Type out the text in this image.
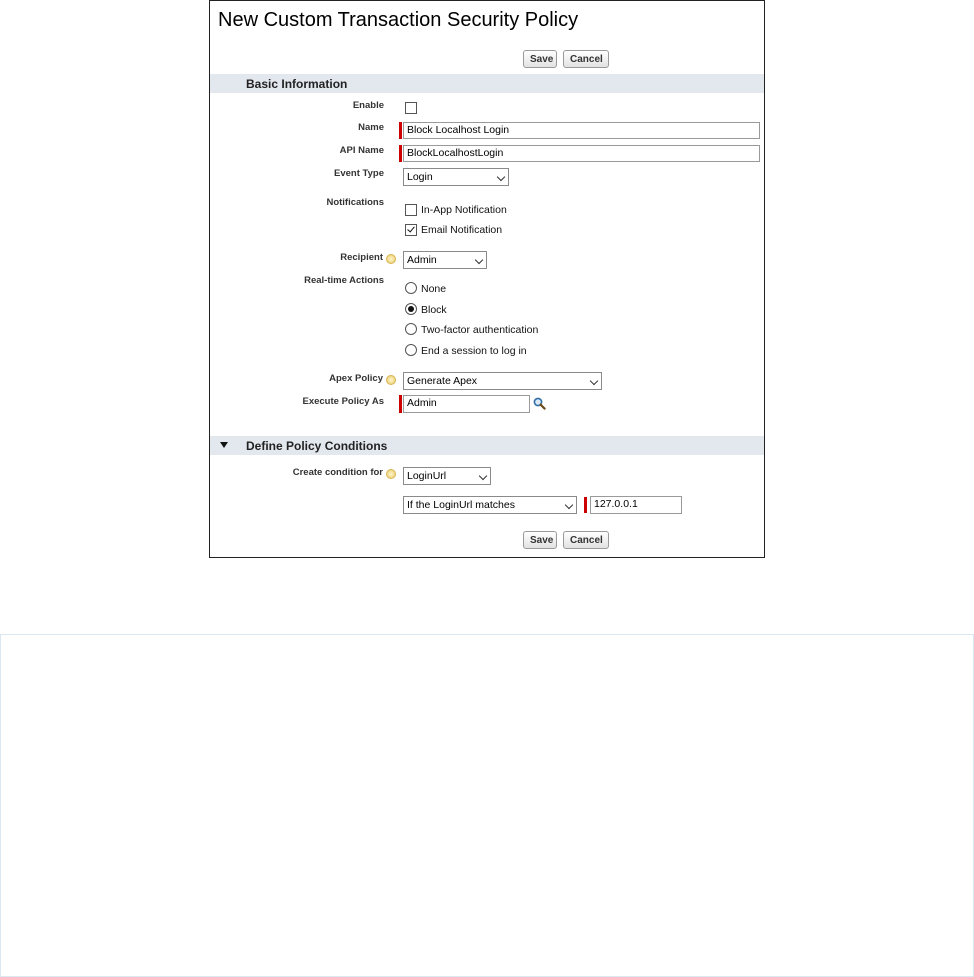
New Custom Transaction Security Policy
Save	Cancel
Basic Information
Enable
Name	Block Localhost Login
API Name	BlockLocalhostLogin
Event Type	Login
Notifications
In-App Notification
Email Notification
Recipient	Admin
Real-time Actions
None
Block
Two-factor authentication
End a session to log in
Apex Policy	Generate Apex
Execute Policy As	Admin
Define Policy Conditions
Create condition for	LoginUrl
If the LoginUrl matches	127.0.0.1
Save	Cancel
